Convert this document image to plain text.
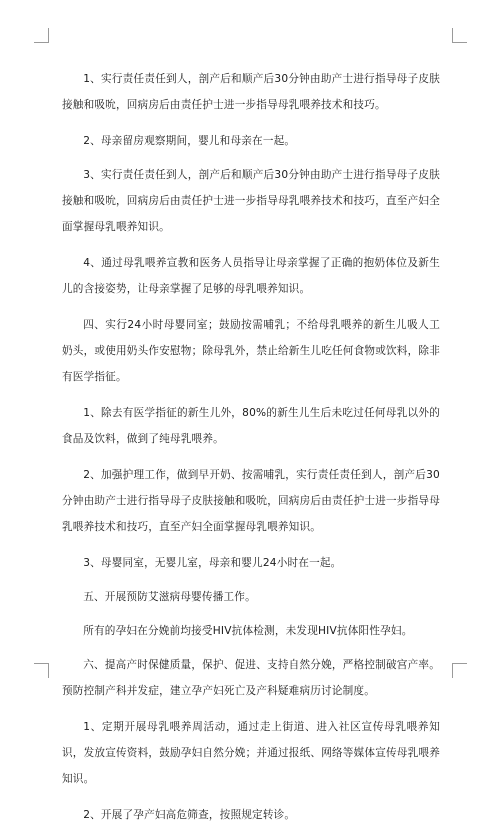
1、实行责任责任到人，剖产后和顺产后30分钟由助产士进行指导母子皮肤接触和吸吮，回病房后由责任护士进一步指导母乳喂养技术和技巧。

2、母亲留房观察期间，婴儿和母亲在一起。

3、实行责任责任到人，剖产后和顺产后30分钟由助产士进行指导母子皮肤接触和吸吮，回病房后由责任护士进一步指导母乳喂养技术和技巧，直至产妇全面掌握母乳喂养知识。

4、通过母乳喂养宣教和医务人员指导让母亲掌握了正确的抱奶体位及新生儿的含接姿势，让母亲掌握了足够的母乳喂养知识。

四、实行24小时母婴同室；鼓励按需哺乳；不给母乳喂养的新生儿吸人工奶头，或使用奶头作安慰物；除母乳外，禁止给新生儿吃任何食物或饮料，除非有医学指征。

1、除去有医学指征的新生儿外，80%的新生儿生后未吃过任何母乳以外的食品及饮料，做到了纯母乳喂养。

2、加强护理工作，做到早开奶、按需哺乳，实行责任责任到人，剖产后30分钟由助产士进行指导母子皮肤接触和吸吮，回病房后由责任护士进一步指导母乳喂养技术和技巧，直至产妇全面掌握母乳喂养知识。

3、母婴同室，无婴儿室，母亲和婴儿24小时在一起。

五、开展预防艾滋病母婴传播工作。

所有的孕妇在分娩前均接受HIV抗体检测，未发现HIV抗体阳性孕妇。

六、提高产时保健质量，保护、促进、支持自然分娩，严格控制破宫产率。预防控制产科并发症，建立孕产妇死亡及产科疑难病历讨论制度。

1、定期开展母乳喂养周活动，通过走上街道、进入社区宣传母乳喂养知识，发放宣传资料，鼓励孕妇自然分娩；并通过报纸、网络等媒体宣传母乳喂养知识。

2、开展了孕产妇高危筛查，按照规定转诊。
